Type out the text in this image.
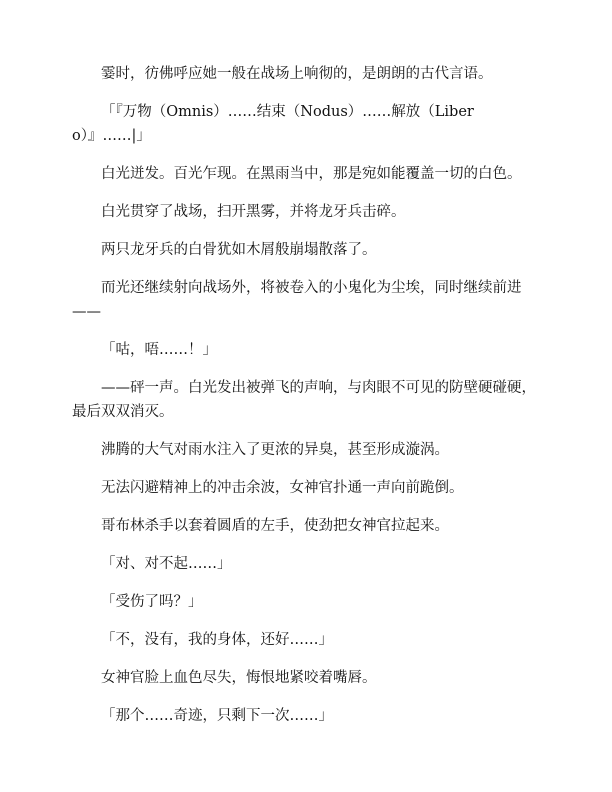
霎时，彷佛呼应她一般在战场上响彻的，是朗朗的古代言语。

「『万物（Omnis）……结束（Nodus）……解放（Libero）』……|」

白光迸发。百光乍现。在黑雨当中，那是宛如能覆盖一切的白色。

白光贯穿了战场，扫开黑雾，并将龙牙兵击碎。

两只龙牙兵的白骨犹如木屑般崩塌散落了。

而光还继续射向战场外，将被卷入的小鬼化为尘埃，同时继续前进——

「咕，唔……！」

——砰一声。白光发出被弹飞的声响，与肉眼不可见的防壁硬碰硬，最后双双消灭。

沸腾的大气对雨水注入了更浓的异臭，甚至形成漩涡。

无法闪避精神上的冲击余波，女神官扑通一声向前跪倒。

哥布林杀手以套着圆盾的左手，使劲把女神官拉起来。

「对、对不起……」

「受伤了吗？」

「不，没有，我的身体，还好……」

女神官脸上血色尽失，悔恨地紧咬着嘴唇。

「那个……奇迹，只剩下一次……」
